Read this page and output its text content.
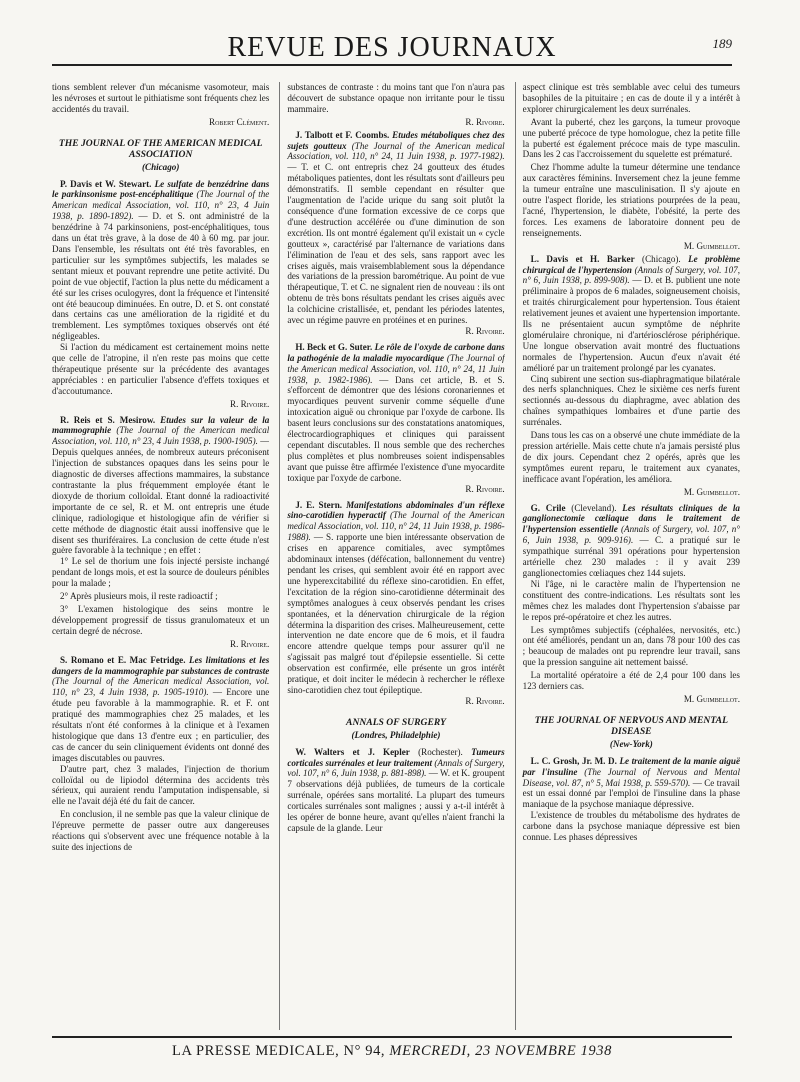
REVUE DES JOURNAUX	189

tions semblent relever d'un mécanisme vasomoteur, mais les névroses et surtout le pithiatisme sont fréquents chez les accidentés du travail.

Robert Clément.

THE JOURNAL OF THE AMERICAN MEDICAL ASSOCIATION
(Chicago)

P. Davis et W. Stewart. Le sulfate de benzédrine dans le parkinsonisme post-encéphalitique (The Journal of the American medical Association, vol. 110, n° 23, 4 Juin 1938, p. 1890-1892). — D. et S. ont administré de la benzédrine à 74 parkinsoniens, post-encéphalitiques, tous dans un état très grave, à la dose de 40 à 60 mg. par jour. Dans l'ensemble, les résultats ont été très favorables, en particulier sur les symptômes subjectifs, les malades se sentant mieux et pouvant reprendre une petite activité. Du point de vue objectif, l'action la plus nette du médicament a été sur les crises oculogyres, dont la fréquence et l'intensité ont été beaucoup diminuées. En outre, D. et S. ont constaté dans certains cas une amélioration de la rigidité et du tremblement. Les symptômes toxiques observés ont été négligeables.

Si l'action du médicament est certainement moins nette que celle de l'atropine, il n'en reste pas moins que cette thérapeutique présente sur la précédente des avantages appréciables : en particulier l'absence d'effets toxiques et d'accoutumance.

R. Rivoire.

R. Reis et S. Mesirow. Etudes sur la valeur de la mammographie (The Journal of the American medical Association, vol. 110, n° 23, 4 Juin 1938, p. 1900-1905). — Depuis quelques années, de nombreux auteurs préconisent l'injection de substances opaques dans les seins pour le diagnostic de diverses affections mammaires, la substance contrastante la plus fréquemment employée étant le dioxyde de thorium colloïdal. Etant donné la radioactivité importante de ce sel, R. et M. ont entrepris une étude clinique, radiologique et histologique afin de vérifier si cette méthode de diagnostic était aussi inoffensive que le disent ses thuriféraires. La conclusion de cette étude n'est guère favorable à la technique ; en effet :

1° Le sel de thorium une fois injecté persiste inchangé pendant de longs mois, et est la source de douleurs pénibles pour la malade ;

2° Après plusieurs mois, il reste radioactif ;

3° L'examen histologique des seins montre le développement progressif de tissus granulomateux et un certain degré de nécrose.

R. Rivoire.

S. Romano et E. Mac Fetridge. Les limitations et les dangers de la mammographie par substances de contraste (The Journal of the American medical Association, vol. 110, n° 23, 4 Juin 1938, p. 1905-1910). — Encore une étude peu favorable à la mammographie. R. et F. ont pratiqué des mammographies chez 25 malades, et les résultats n'ont été conformes à la clinique et à l'examen histologique que dans 13 d'entre eux ; en particulier, des cas de cancer du sein cliniquement évidents ont donné des images discutables ou pauvres.

D'autre part, chez 3 malades, l'injection de thorium colloïdal ou de lipiodol détermina des accidents très sérieux, qui auraient rendu l'amputation indispensable, si elle ne l'avait déjà été du fait de cancer.

En conclusion, il ne semble pas que la valeur clinique de l'épreuve permette de passer outre aux dangereuses réactions qui s'observent avec une fréquence notable à la suite des injections de

substances de contraste : du moins tant que l'on n'aura pas découvert de substance opaque non irritante pour le tissu mammaire.

R. Rivoire.

J. Talbott et F. Coombs. Etudes métaboliques chez des sujets goutteux (The Journal of the American medical Association, vol. 110, n° 24, 11 Juin 1938, p. 1977-1982). — T. et C. ont entrepris chez 24 goutteux des études métaboliques patientes, dont les résultats sont d'ailleurs peu démonstratifs. Il semble cependant en résulter que l'augmentation de l'acide urique du sang soit plutôt la conséquence d'une formation excessive de ce corps que d'une destruction accélérée ou d'une diminution de son excrétion. Ils ont montré également qu'il existait un « cycle goutteux », caractérisé par l'alternance de variations dans l'élimination de l'eau et des sels, sans rapport avec les crises aiguës, mais vraisemblablement sous la dépendance des variations de la pression barométrique. Au point de vue thérapeutique, T. et C. ne signalent rien de nouveau : ils ont obtenu de très bons résultats pendant les crises aiguës avec la colchicine cristallisée, et, pendant les périodes latentes, avec un régime pauvre en protéines et en purines.

R. Rivoire.

H. Beck et G. Suter. Le rôle de l'oxyde de carbone dans la pathogénie de la maladie myocardique (The Journal of the American medical Association, vol. 110, n° 24, 11 Juin 1938, p. 1982-1986). — Dans cet article, B. et S. s'efforcent de démontrer que des lésions coronariennes et myocardiques peuvent survenir comme séquelle d'une intoxication aiguë ou chronique par l'oxyde de carbone. Ils basent leurs conclusions sur des constatations anatomiques, électrocardiographiques et cliniques qui paraissent cependant discutables. Il nous semble que des recherches plus complètes et plus nombreuses soient indispensables avant que puisse être affirmée l'existence d'une myocardite toxique par l'oxyde de carbone.

R. Rivoire.

J. E. Stern. Manifestations abdominales d'un réflexe sino-carotidien hyperactif (The Journal of the American medical Association, vol. 110, n° 24, 11 Juin 1938, p. 1986-1988). — S. rapporte une bien intéressante observation de crises en apparence comitiales, avec symptômes abdominaux intenses (défécation, ballonnement du ventre) pendant les crises, qui semblent avoir été en rapport avec une hyperexcitabilité du réflexe sino-carotidien. En effet, l'excitation de la région sino-carotidienne déterminait des symptômes analogues à ceux observés pendant les crises spontanées, et la dénervation chirurgicale de la région détermina la disparition des crises. Malheureusement, cette intervention ne date encore que de 6 mois, et il faudra encore attendre quelque temps pour assurer qu'il ne s'agissait pas malgré tout d'épilepsie essentielle. Si cette observation est confirmée, elle présente un gros intérêt pratique, et doit inciter le médecin à rechercher le réflexe sino-carotidien chez tout épileptique.

R. Rivoire.

ANNALS OF SURGERY
(Londres, Philadelphie)

W. Walters et J. Kepler (Rochester). Tumeurs corticales surrénales et leur traitement (Annals of Surgery, vol. 107, n° 6, Juin 1938, p. 881-898). — W. et K. groupent 7 observations déjà publiées, de tumeurs de la corticale surrénale, opérées sans mortalité. La plupart des tumeurs corticales surrénales sont malignes ; aussi y a-t-il intérêt à les opérer de bonne heure, avant qu'elles n'aient franchi la capsule de la glande. Leur

aspect clinique est très semblable avec celui des tumeurs basophiles de la pituitaire ; en cas de doute il y a intérêt à explorer chirurgicalement les deux surrénales.

Avant la puberté, chez les garçons, la tumeur provoque une puberté précoce de type homologue, chez la petite fille la puberté est également précoce mais de type masculin. Dans les 2 cas l'accroissement du squelette est prématuré.

Chez l'homme adulte la tumeur détermine une tendance aux caractères féminins. Inversement chez la jeune femme la tumeur entraîne une masculinisation. Il s'y ajoute en outre l'aspect floride, les striations pourprées de la peau, l'acné, l'hypertension, le diabète, l'obésité, la perte des forces. Les examens de laboratoire donnent peu de renseignements.

M. Guimbellot.

L. Davis et H. Barker (Chicago). Le problème chirurgical de l'hypertension (Annals of Surgery, vol. 107, n° 6, Juin 1938, p. 899-908). — D. et B. publient une note préliminaire à propos de 6 malades, soigneusement choisis, et traités chirurgicalement pour hypertension. Tous étaient relativement jeunes et avaient une hypertension importante. Ils ne présentaient aucun symptôme de néphrite glomérulaire chronique, ni d'artériosclérose périphérique. Une longue observation avait montré des fluctuations normales de l'hypertension. Aucun d'eux n'avait été amélioré par un traitement prolongé par les cyanates.

Cinq subirent une section sus-diaphragmatique bilatérale des nerfs splanchniques. Chez le sixième ces nerfs furent sectionnés au-dessous du diaphragme, avec ablation des chaînes sympathiques lombaires et d'une partie des surrénales.

Dans tous les cas on a observé une chute immédiate de la pression artérielle. Mais cette chute n'a jamais persisté plus de dix jours. Cependant chez 2 opérés, après que les symptômes eurent reparu, le traitement aux cyanates, inefficace avant l'opération, les améliora.

M. Guimbellot.

G. Crile (Cleveland). Les résultats cliniques de la ganglionectomie cœliaque dans le traitement de l'hypertension essentielle (Annals of Surgery, vol. 107, n° 6, Juin 1938, p. 909-916). — C. a pratiqué sur le sympathique surrénal 391 opérations pour hypertension artérielle chez 230 malades : il y avait 239 ganglionectomies cœliaques chez 144 sujets.

Ni l'âge, ni le caractère malin de l'hypertension ne constituent des contre-indications. Les résultats sont les mêmes chez les malades dont l'hypertension s'abaisse par le repos pré-opératoire et chez les autres.

Les symptômes subjectifs (céphalées, nervosités, etc.) ont été améliorés, pendant un an, dans 78 pour 100 des cas ; beaucoup de malades ont pu reprendre leur travail, sans que la pression sanguine ait nettement baissé.

La mortalité opératoire a été de 2,4 pour 100 dans les 123 derniers cas.

M. Guimbellot.

THE JOURNAL OF NERVOUS AND MENTAL DISEASE
(New-York)

L. C. Grosh, Jr. M. D. Le traitement de la manie aiguë par l'insuline (The Journal of Nervous and Mental Disease, vol. 87, n° 5, Mai 1938, p. 559-570). — Ce travail est un essai donné par l'emploi de l'insuline dans la phase maniaque de la psychose maniaque dépressive.

L'existence de troubles du métabolisme des hydrates de carbone dans la psychose maniaque dépressive est bien connue. Les phases dépressives

LA PRESSE MEDICALE, N° 94, MERCREDI, 23 NOVEMBRE 1938
